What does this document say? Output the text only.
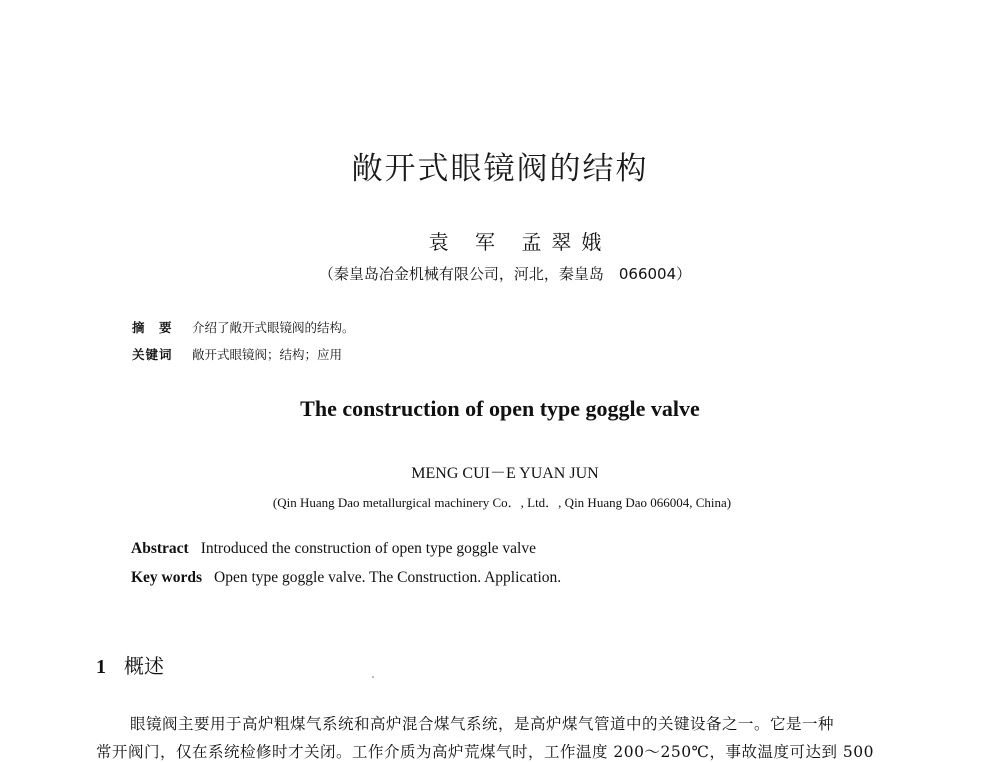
敞开式眼镜阀的结构
袁 军 孟翠娥
（秦皇岛冶金机械有限公司，河北，秦皇岛　066004）
摘　要 介绍了敞开式眼镜阀的结构。
关键词 敞开式眼镜阀；结构；应用
The construction of open type goggle valve
MENG CUI－E YUAN JUN
(Qin Huang Dao metallurgical machinery Co．, Ltd．, Qin Huang Dao 066004, China)
Abstract Introduced the construction of open type goggle valve
Key words Open type goggle valve. The Construction. Application.
1 概述
眼镜阀主要用于高炉粗煤气系统和高炉混合煤气系统，是高炉煤气管道中的关键设备之一。它是一种
常开阀门，仅在系统检修时才关闭。工作介质为高炉荒煤气时，工作温度 200～250℃，事故温度可达到 500
